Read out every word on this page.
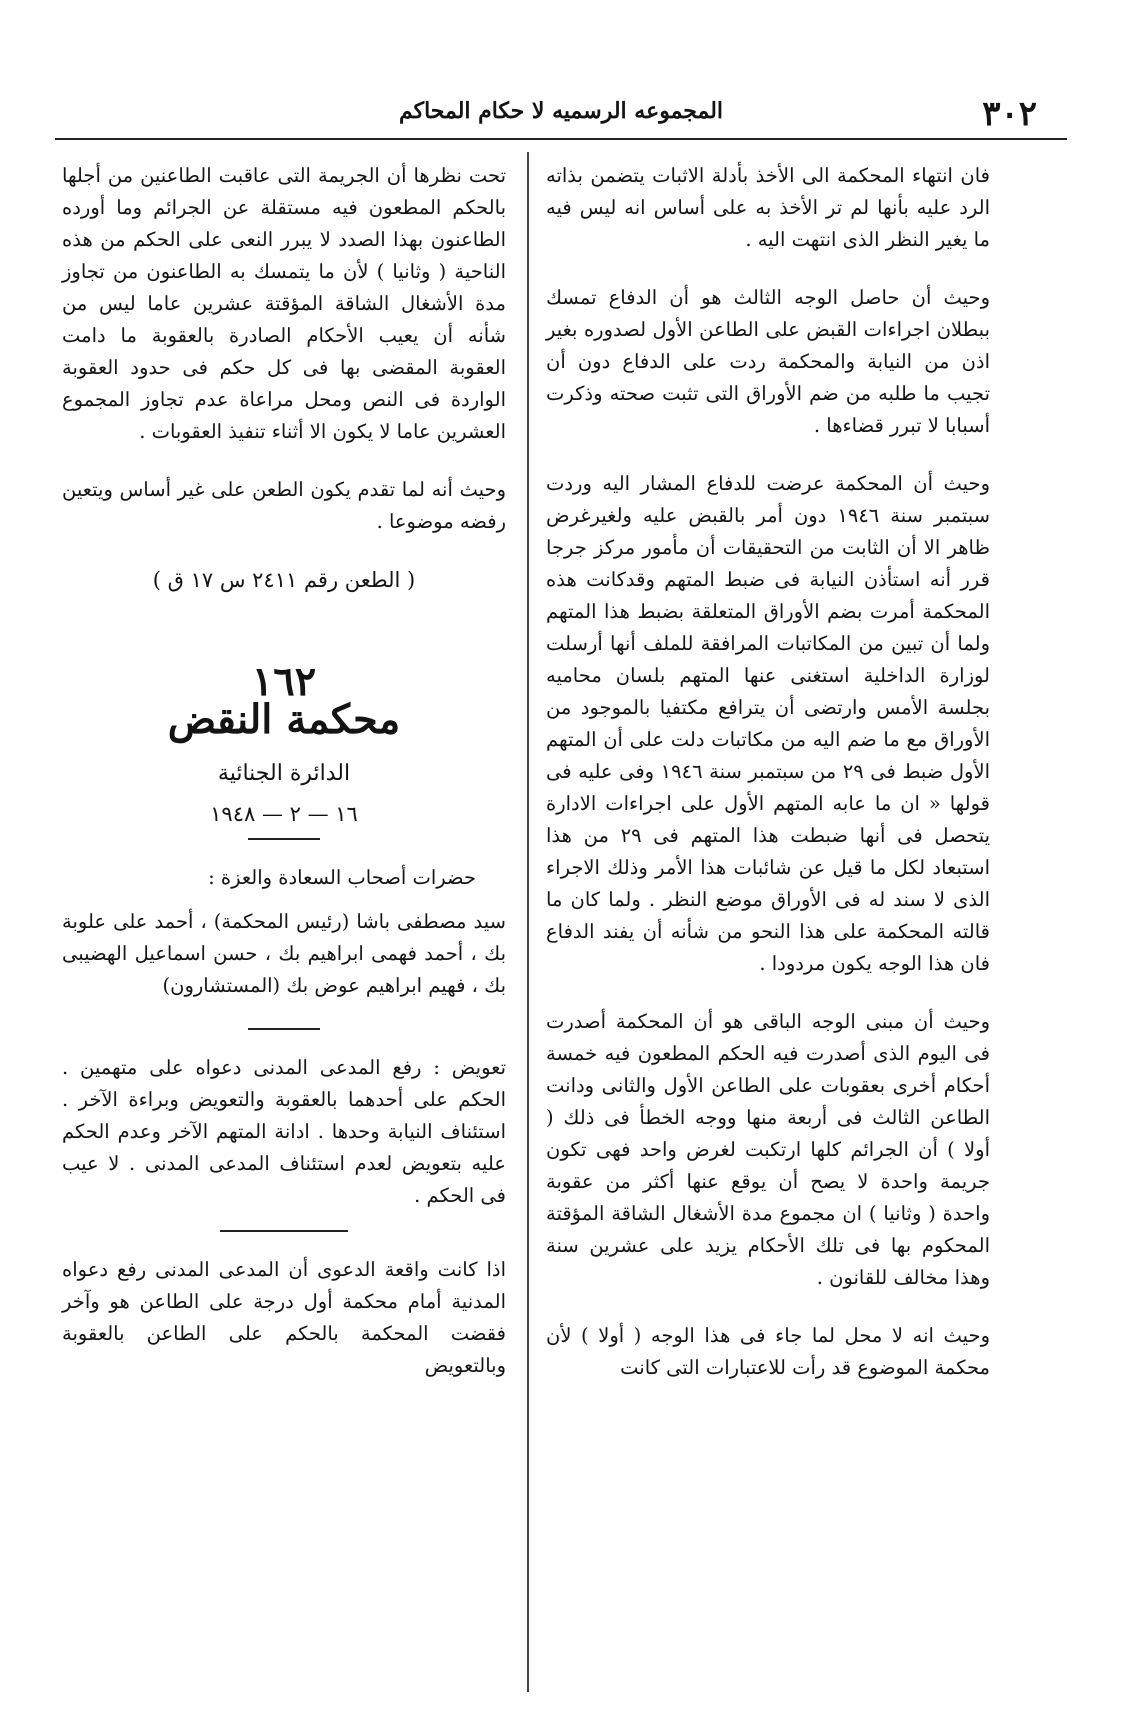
٣٠٢
المجموعه الرسميه لا حكام المحاكم

فان انتهاء المحكمة الى الأخذ بأدلة الاثبات يتضمن بذاته الرد عليه بأنها لم تر الأخذ به على أساس انه ليس فيه ما يغير النظر الذى انتهت اليه .

وحيث أن حاصل الوجه الثالث هو أن الدفاع تمسك ببطلان اجراءات القبض على الطاعن الأول لصدوره بغير اذن من النيابة والمحكمة ردت على الدفاع دون أن تجيب ما طلبه من ضم الأوراق التى تثبت صحته وذكرت أسبابا لا تبرر قضاءها .

وحيث أن المحكمة عرضت للدفاع المشار اليه وردت سبتمبر سنة ١٩٤٦ دون أمر بالقبض عليه ولغيرغرض ظاهر الا أن الثابت من التحقيقات أن مأمور مركز جرجا قرر أنه استأذن النيابة فى ضبط المتهم وقدكانت هذه المحكمة أمرت بضم الأوراق المتعلقة بضبط هذا المتهم ولما أن تبين من المكاتبات المرافقة للملف أنها أرسلت لوزارة الداخلية استغنى عنها المتهم بلسان محاميه بجلسة الأمس وارتضى أن يترافع مكتفيا بالموجود من الأوراق مع ما ضم اليه من مكاتبات دلت على أن المتهم الأول ضبط فى ٢٩ من سبتمبر سنة ١٩٤٦ وفى عليه فى قولها « ان ما عابه المتهم الأول على اجراءات الادارة يتحصل فى أنها ضبطت هذا المتهم فى ٢٩ من هذا استبعاد لكل ما قيل عن شائبات هذا الأمر وذلك الاجراء الذى لا سند له فى الأوراق موضع النظر . ولما كان ما قالته المحكمة على هذا النحو من شأنه أن يفند الدفاع فان هذا الوجه يكون مردودا .

وحيث أن مبنى الوجه الباقى هو أن المحكمة أصدرت فى اليوم الذى أصدرت فيه الحكم المطعون فيه خمسة أحكام أخرى بعقوبات على الطاعن الأول والثانى ودانت الطاعن الثالث فى أربعة منها ووجه الخطأ فى ذلك ( أولا ) أن الجرائم كلها ارتكبت لغرض واحد فهى تكون جريمة واحدة لا يصح أن يوقع عنها أكثر من عقوبة واحدة ( وثانيا ) ان مجموع مدة الأشغال الشاقة المؤقتة المحكوم بها فى تلك الأحكام يزيد على عشرين سنة وهذا مخالف للقانون .

وحيث انه لا محل لما جاء فى هذا الوجه ( أولا ) لأن محكمة الموضوع قد رأت للاعتبارات التى كانت

تحت نظرها أن الجريمة التى عاقبت الطاعنين من أجلها بالحكم المطعون فيه مستقلة عن الجرائم وما أورده الطاعنون بهذا الصدد لا يبرر النعى على الحكم من هذه الناحية ( وثانيا ) لأن ما يتمسك به الطاعنون من تجاوز مدة الأشغال الشاقة المؤقتة عشرين عاما ليس من شأنه أن يعيب الأحكام الصادرة بالعقوبة ما دامت العقوبة المقضى بها فى كل حكم فى حدود العقوبة الواردة فى النص ومحل مراعاة عدم تجاوز المجموع العشرين عاما لا يكون الا أثناء تنفيذ العقوبات .

وحيث أنه لما تقدم يكون الطعن على غير أساس ويتعين رفضه موضوعا .

( الطعن رقم ٢٤١١ س ١٧ ق )

١٦٢
محكمة النقض
الدائرة الجنائية
١٦ — ٢ — ١٩٤٨

حضرات أصحاب السعادة والعزة :

سيد مصطفى باشا (رئيس المحكمة) ، أحمد على علوبة بك ، أحمد فهمى ابراهيم بك ، حسن اسماعيل الهضيبى بك ، فهيم ابراهيم عوض بك (المستشارون)

تعويض : رفع المدعى المدنى دعواه على متهمين . الحكم على أحدهما بالعقوبة والتعويض وبراءة الآخر . استئناف النيابة وحدها . ادانة المتهم الآخر وعدم الحكم عليه بتعويض لعدم استئناف المدعى المدنى . لا عيب فى الحكم .

اذا كانت واقعة الدعوى أن المدعى المدنى رفع دعواه المدنية أمام محكمة أول درجة على الطاعن هو وآخر فقضت المحكمة بالحكم على الطاعن بالعقوبة وبالتعويض
